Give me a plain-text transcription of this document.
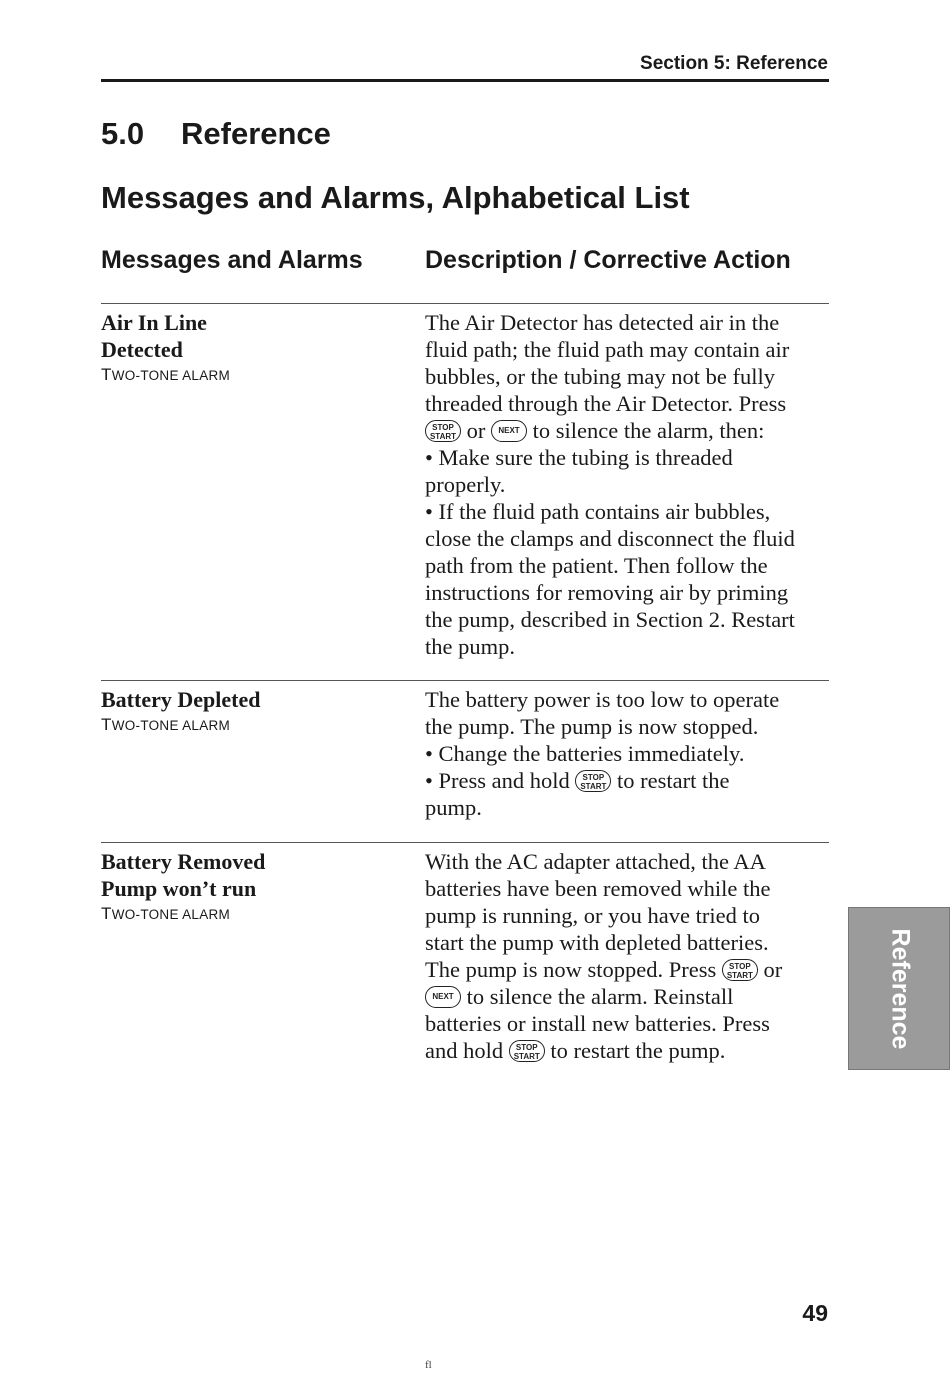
Section 5: Reference
5.0 Reference
Messages and Alarms, Alphabetical List
Messages and Alarms Description / Corrective Action
Air In Line
Detected
TWO-TONE ALARM
The Air Detector has detected air in the
fluid path; the fluid path may contain air
bubbles, or the tubing may not be fully
threaded through the Air Detector. Press
STOP
START or NEXT to silence the alarm, then:
• Make sure the tubing is threaded
properly.
• If the fluid path contains air bubbles,
close the clamps and disconnect the fluid
path from the patient. Then follow the
instructions for removing air by priming
the pump, described in Section 2. Restart
the pump.
Battery Depleted
TWO-TONE ALARM
The battery power is too low to operate
the pump. The pump is now stopped.
• Change the batteries immediately.
• Press and hold STOP
START to restart the
pump.
Battery Removed
Pump won’t run
TWO-TONE ALARM
With the AC adapter attached, the AA
batteries have been removed while the
pump is running, or you have tried to
start the pump with depleted batteries.
The pump is now stopped. Press STOP
START or
NEXT to silence the alarm. Reinstall
batteries or install new batteries. Press
and hold STOP
START to restart the pump.
Reference
49
fl
